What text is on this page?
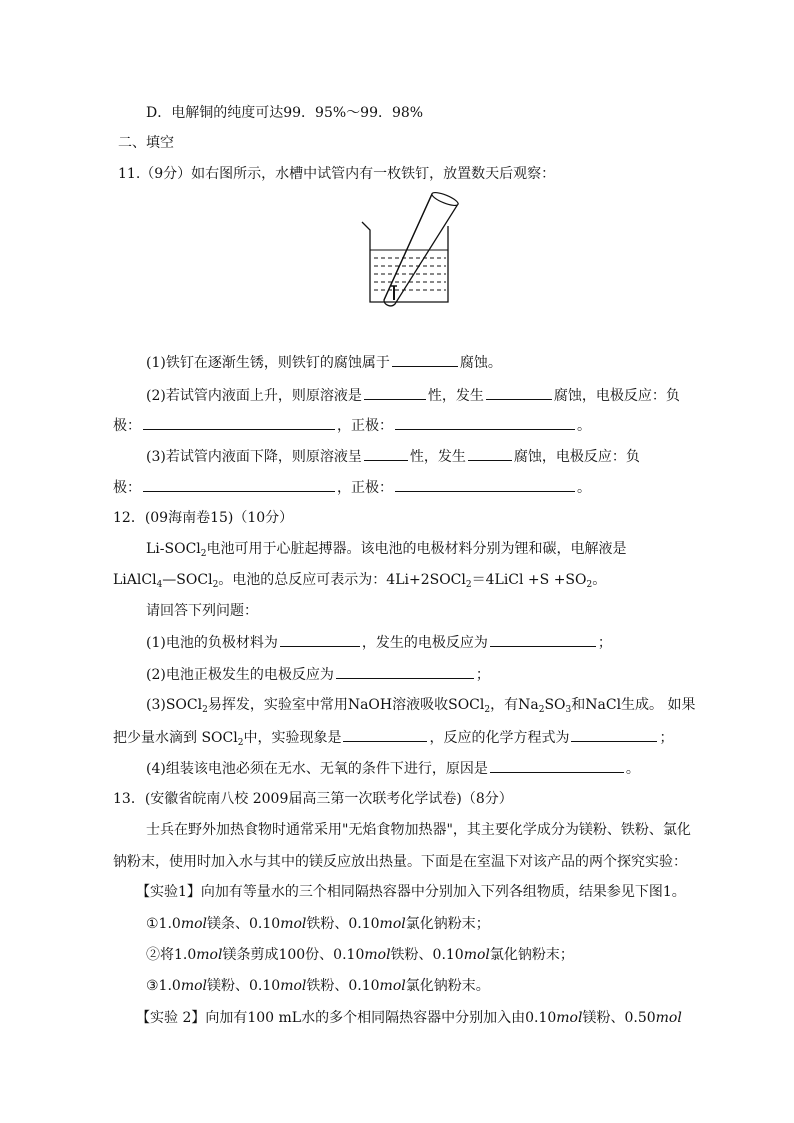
D．电解铜的纯度可达99．95%～99．98%
二、填空
11.（9分）如右图所示，水槽中试管内有一枚铁钉，放置数天后观察：
(1)铁钉在逐渐生锈，则铁钉的腐蚀属于	腐蚀。
(2)若试管内液面上升，则原溶液是	性，发生	腐蚀，电极反应：负
极：	，正极：	。
(3)若试管内液面下降，则原溶液呈	性，发生	腐蚀，电极反应：负
极：	，正极：	。
12．(09海南卷15)（10分）
Li-SOCl$_2$电池可用于心脏起搏器。该电池的电极材料分别为锂和碳，电解液是
LiAlCl$_4$—SOCl$_2$。电池的总反应可表示为：4Li+2SOCl$_2$＝4LiCl $+S +SO_2$。
请回答下列问题：
(1)电池的负极材料为	，发生的电极反应为	；
(2)电池正极发生的电极反应为	；
(3)SOCl$_2$易挥发，实验室中常用NaOH溶液吸收SOCl$_2$，有$Na_2SO_3$和NaCl生成。 如果
把少量水滴到 SOCl$_2$中，实验现象是	，反应的化学方程式为	；
(4)组装该电池必须在无水、无氧的条件下进行，原因是	。
13．(安徽省皖南八校 2009届高三第一次联考化学试卷)（8分）
士兵在野外加热食物时通常采用"无焰食物加热器"，其主要化学成分为镁粉、铁粉、氯化
钠粉末，使用时加入水与其中的镁反应放出热量。下面是在室温下对该产品的两个探究实验：
【实验1】向加有等量水的三个相同隔热容器中分别加入下列各组物质，结果参见下图1。
①1.0mol镁条、0.10mol铁粉、0.10mol氯化钠粉末；
②将1.0mol镁条剪成100份、0.10mol铁粉、0.10mol氯化钠粉末；
③1.0mol镁粉、0.10mol铁粉、0.10mol氯化钠粉末。
【实验 2】向加有100 mL水的多个相同隔热容器中分别加入由0.10mol镁粉、0.50mol
